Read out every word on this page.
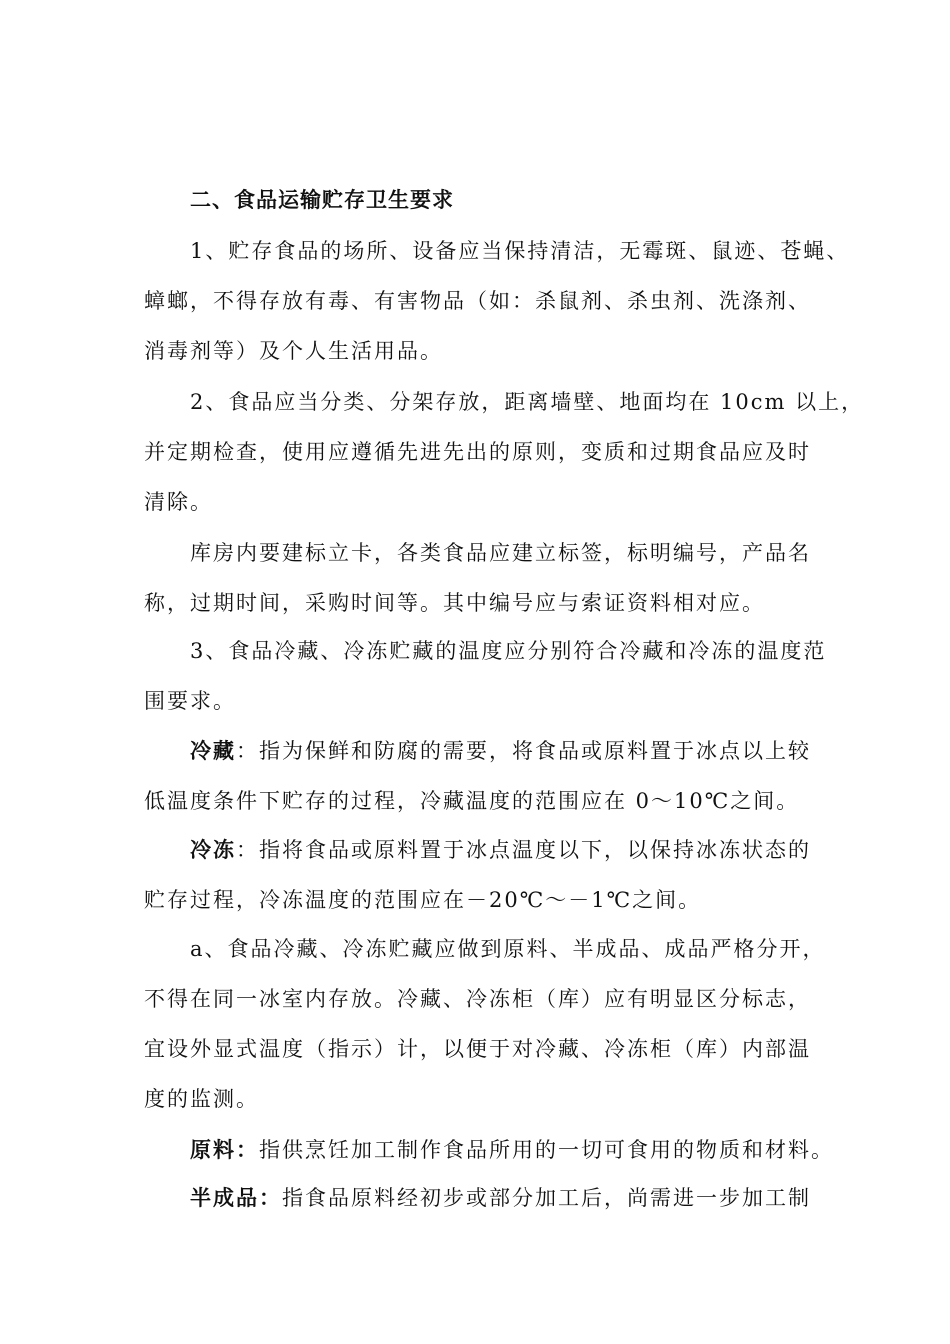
二、食品运输贮存卫生要求
1、贮存食品的场所、设备应当保持清洁，无霉斑、鼠迹、苍蝇、
蟑螂，不得存放有毒、有害物品（如：杀鼠剂、杀虫剂、洗涤剂、
消毒剂等）及个人生活用品。
2、食品应当分类、分架存放，距离墙壁、地面均在 10cm 以上，
并定期检查，使用应遵循先进先出的原则，变质和过期食品应及时
清除。
库房内要建标立卡，各类食品应建立标签，标明编号，产品名
称，过期时间，采购时间等。其中编号应与索证资料相对应。
3、食品冷藏、冷冻贮藏的温度应分别符合冷藏和冷冻的温度范
围要求。
冷藏：指为保鲜和防腐的需要，将食品或原料置于冰点以上较
低温度条件下贮存的过程，冷藏温度的范围应在 0～10℃之间。
冷冻：指将食品或原料置于冰点温度以下，以保持冰冻状态的
贮存过程，冷冻温度的范围应在－20℃～－1℃之间。
a、食品冷藏、冷冻贮藏应做到原料、半成品、成品严格分开，
不得在同一冰室内存放。冷藏、冷冻柜（库）应有明显区分标志，
宜设外显式温度（指示）计，以便于对冷藏、冷冻柜（库）内部温
度的监测。
原料：指供烹饪加工制作食品所用的一切可食用的物质和材料。
半成品：指食品原料经初步或部分加工后，尚需进一步加工制
